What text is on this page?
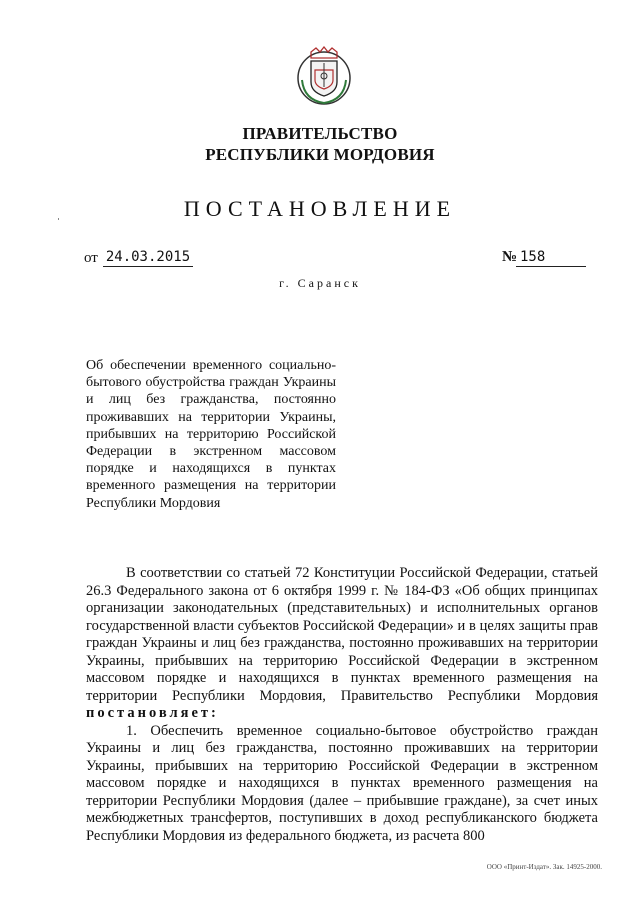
ПРАВИТЕЛЬСТВО
РЕСПУБЛИКИ МОРДОВИЯ
ПОСТАНОВЛЕНИЕ
от 24.03.2015	№ 158
г. Саранск
Об обеспечении временного социально-бытового обустройства граждан Украины и лиц без гражданства, постоянно проживавших на территории Украины, прибывших на территорию Российской Федерации в экстренном массовом порядке и находящихся в пунктах временного размещения на территории Республики Мордовия

В соответствии со статьей 72 Конституции Российской Федерации, статьей 26.3 Федерального закона от 6 октября 1999 г. № 184-ФЗ «Об общих принципах организации законодательных (представительных) и исполнительных органов государственной власти субъектов Российской Федерации» и в целях защиты прав граждан Украины и лиц без гражданства, постоянно проживавших на территории Украины, прибывших на территорию Российской Федерации в экстренном массовом порядке и находящихся в пунктах временного размещения на территории Республики Мордовия, Правительство Республики Мордовия постановляет:

1. Обеспечить временное социально-бытовое обустройство граждан Украины и лиц без гражданства, постоянно проживавших на территории Украины, прибывших на территорию Российской Федерации в экстренном массовом порядке и находящихся в пунктах временного размещения на территории Республики Мордовия (далее – прибывшие граждане), за счет иных межбюджетных трансфертов, поступивших в доход республиканского бюджета Республики Мордовия из федерального бюджета, из расчета 800

ООО «Принт-Издат». Зак. 14925-2000.
